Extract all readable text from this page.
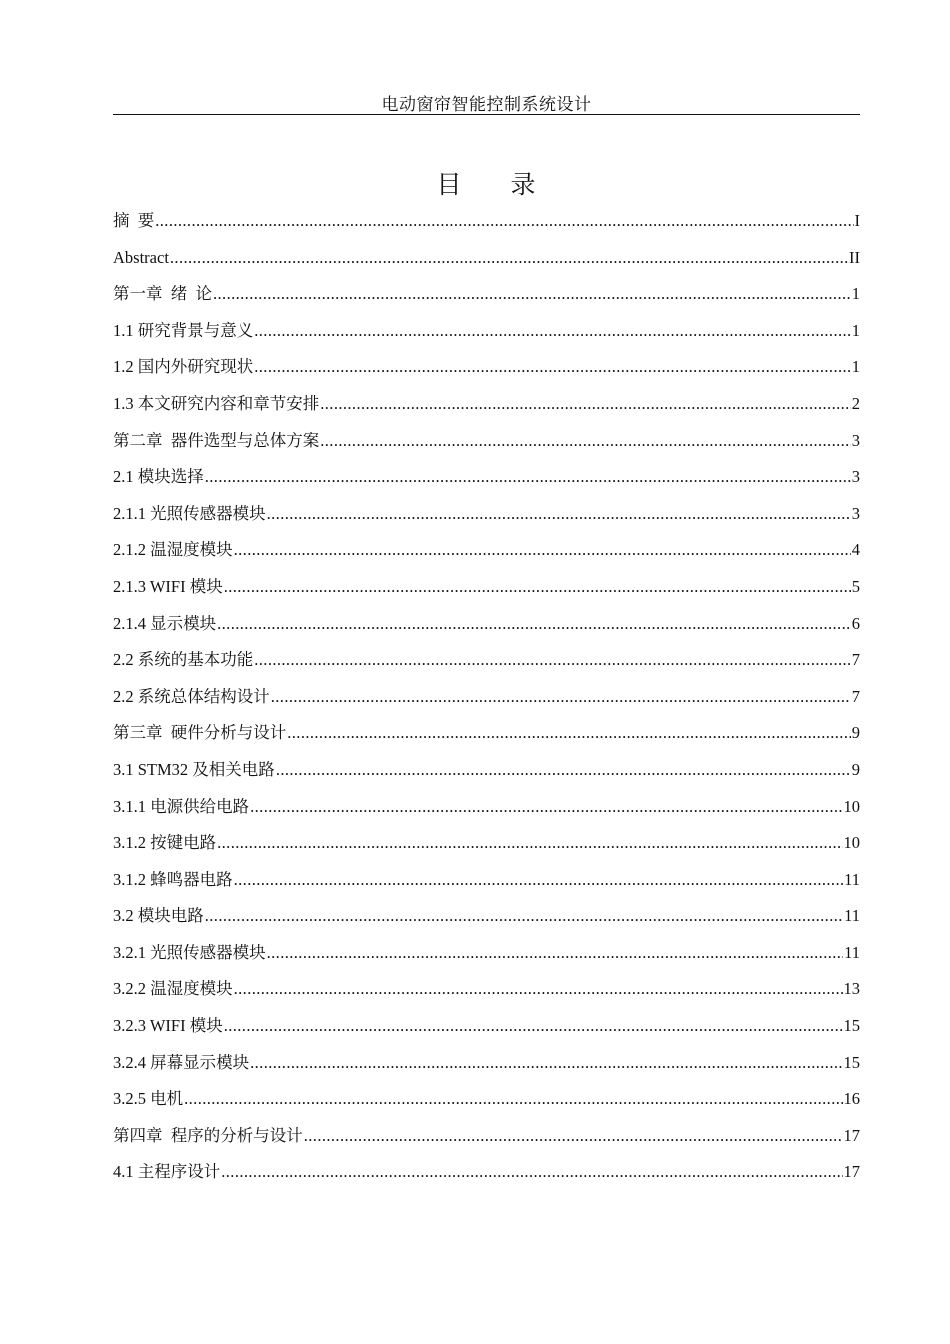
电动窗帘智能控制系统设计
目 录
摘  要 .....	I
Abstract .....	II
第一章  绪  论 .....	1
1.1 研究背景与意义 .....	1
1.2 国内外研究现状 .....	1
1.3 本文研究内容和章节安排 .....	2
第二章  器件选型与总体方案 .....	3
2.1 模块选择 .....	3
2.1.1 光照传感器模块 .....	3
2.1.2 温湿度模块 .....	4
2.1.3 WIFI 模块 .....	5
2.1.4 显示模块 .....	6
2.2 系统的基本功能 .....	7
2.2 系统总体结构设计 .....	7
第三章  硬件分析与设计 .....	9
3.1 STM32 及相关电路 .....	9
3.1.1 电源供给电路 .....	10
3.1.2 按键电路 .....	10
3.1.2 蜂鸣器电路 .....	11
3.2 模块电路 .....	11
3.2.1 光照传感器模块 .....	11
3.2.2 温湿度模块 .....	13
3.2.3 WIFI 模块 .....	15
3.2.4 屏幕显示模块 .....	15
3.2.5 电机 .....	16
第四章  程序的分析与设计 .....	17
4.1 主程序设计 .....	17
